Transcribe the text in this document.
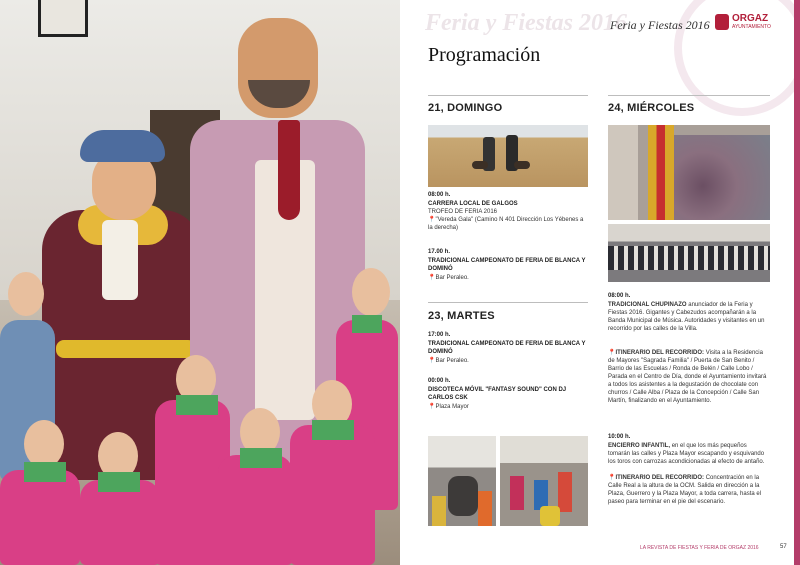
Feria y Fiestas 2016
Feria y Fiestas 2016 ORGAZ
AYUNTAMIENTO
Programación
21, DOMINGO
08:00 h.
CARRERA LOCAL DE GALGOS
TROFEO DE FERIA 2016
📍"Vereda Gala" (Camino N 401 Dirección Los Yébenes a la derecha)
17.00 h.
TRADICIONAL CAMPEONATO DE FERIA DE BLANCA Y DOMINÓ
📍Bar Peraleo.
23, MARTES
17:00 h.
TRADICIONAL CAMPEONATO DE FERIA DE BLANCA Y DOMINÓ
📍Bar Peraleo.
00:00 h.
DISCOTECA MÓVIL "FANTASY SOUND" CON DJ CARLOS CSK
📍Plaza Mayor
24, MIÉRCOLES
08:00 h.
TRADICIONAL CHUPINAZO anunciador de la Feria y Fiestas 2016. Gigantes y Cabezudos acompañarán a la Banda Municipal de Música. Autoridades y visitantes en un recorrido por las calles de la Villa.
📍ITINERARIO DEL RECORRIDO: Visita a la Residencia de Mayores "Sagrada Familia" / Puerta de San Benito / Barrio de las Escuelas / Ronda de Belén / Calle Lobo / Parada en el Centro de Día, donde el Ayuntamiento invitará a todos los asistentes a la degustación de chocolate con churros / Calle Alba / Plaza de la Concepción / Calle San Martín, finalizando en el Ayuntamiento.
10:00 h.
ENCIERRO INFANTIL, en el que los más pequeños tomarán las calles y Plaza Mayor escapando y esquivando los toros con carrozas acondicionadas al efecto de antaño.
📍ITINERARIO DEL RECORRIDO: Concentración en la Calle Real a la altura de la OCM. Salida en dirección a la Plaza, Guerrero y la Plaza Mayor, a toda carrera, hasta el paseo para terminar en el pie del escenario.
LA REVISTA DE FIESTAS Y FERIA DE ORGAZ 2016	57
